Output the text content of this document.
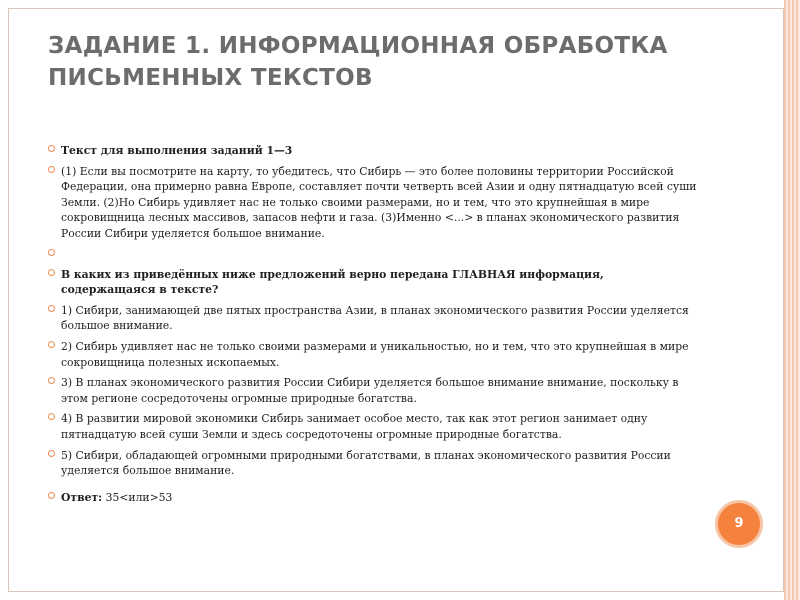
ЗАДАНИЕ 1. ИНФОРМАЦИОННАЯ ОБРАБОТКА ПИСЬМЕННЫХ ТЕКСТОВ
Текст для выполнения заданий 1—3
(1) Если вы посмотрите на карту, то убедитесь, что Сибирь — это более половины территории Российской Федерации, она примерно равна Европе, составляет почти четверть всей Азии и одну пятнадцатую всей суши Земли. (2)Но Сибирь удивляет нас не только своими размерами, но и тем, что это крупнейшая в мире сокровищница лесных массивов, запасов нефти и газа. (3)Именно <...> в планах экономического развития России Сибири уделяется большое внимание.
В каких из приведённых ниже предложений верно передана ГЛАВНАЯ информация, содержащаяся в тексте?
1) Сибири, занимающей две пятых пространства Азии, в планах экономического развития России уделяется большое внимание.
2) Сибирь удивляет нас не только своими размерами и уникальностью, но и тем, что это крупнейшая в мире сокровищница полезных ископаемых.
3) В планах экономического развития России Сибири уделяется большое внимание внимание, поскольку в этом регионе сосредоточены огромные природные богатства.
4) В развитии мировой экономики Сибирь занимает особое место, так как этот регион занимает одну пятнадцатую всей суши Земли и здесь сосредоточены огромные природные богатства.
5) Сибири, обладающей огромными природными богатствами, в планах экономического развития России уделяется большое внимание.
Ответ: 35<или>53
9
